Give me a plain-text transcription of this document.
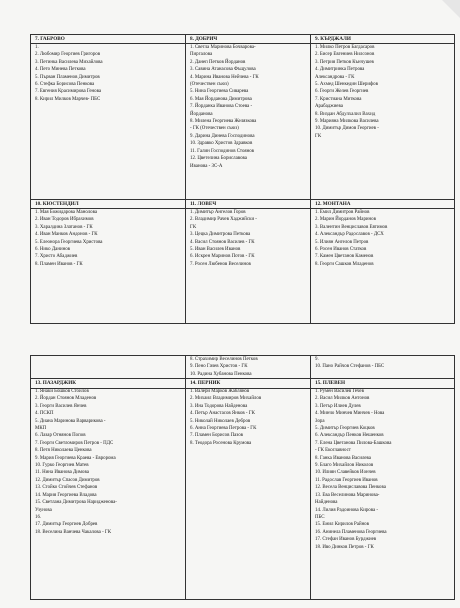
7. ГАБРОВО
1.
2. Любомир Георгиев Григоров
3. Петинка Василева Михайлова
4. Пето Минева Петкова
5. Първан Пламенов Димитров
6. Стефка Борисова Пенкова
7. Евгения Красимирова Генова
8. Кирил Милков Марчев- ПБС
8. ДОБРИЧ
1. Светла Маринова Бочварова-
Пиргалова
2. Данеп Петков Йорданов
3. Савина Атанасова Фъщулова
4. Марина Иванова Нейчева - ГК
(Отечествен съюз)
5. Нина Георгиева Сиварева
6. Мая Йорданова Димитрова
7. Йорданка Иванова Стоева -
Йорданова
8. Милена Георгиева Желязкова
- ГК (Отечествен съюз)
9. Дарина Динева Господинова
10. Здравко Христов Здравков
11. Галин Господинов Стоянов
12. Цветелина Бориславова
Иванова - ЗС-А
9. КЪРДЖАЛИ
1. Милко Петров Багдасаров
2. Бисер Евгениев Нилсонов
3. Петрия Петков Кънчушев
4. Димитринка Петрова
Александрова - ГК
5. Ахмед Шенкедин Шерифов
6. Георги Желев Георгиев
7. Кристиана Миткова
Арабаджиева
8. Виздан Абдулхалил Вахид
9. Марияна Милкова Василева
10. Димитър Димов Георгиев -
ГК
10. КЮСТЕНДИЛ
1. Мая Божидарова Манолова
2. Иван Тодоров Ибрахимов
3. Харалдина Златанов - ГК
4. Иван Манков Андонов - ГК
5. Елеонора Георгиева Христова
6. Нико Данинов
7. Христо Абаджиев
8. Пламен Иванов - ГК
11. ЛОВЕЧ
1. Димитър Ангелов Горов
2. Владимир Рачев Хаджийски -
ГК
3. Цецка Димитрова Петкова
4. Васил Стоянов Василев - ГК
5. Иван Василев Иванов
6. Искрен Маринов Потов - ГК
7. Росен Любенов Веселинов
12. МОНТАНА
1. Емил Димитров Райнов
2. Марин Йорданов Маринов
3. Валентин Венциславов Евтимов
4. Александър Радославов - ДСХ
5. Илиян Ангелов Петров
6. Росен Иванов Статков
7. Камен Цветанов Каменов
8. Георги Сашков Младенов
8. Страхимир Веселинов Петков
9. Пено Гачев Христов - ГК
10. Радина Хубанова Пенкова
9.
10. Пано Райчов Стефанов - ПБС
13. ПАЗАРДЖИК
1. Янаки Бошков Стоилов
2. Йордан Стоянов Младенов
3. Георги Василев Янчев
4. ПСКП
5. Диана Маринова Варварикова -
МКП
6. Лазар Огнянов Попов
7. Георги Светломиров Петров - ПДС
8. Петя Николаева Ценкова
9. Мария Георгиева Краева - Евророма
10. Гурко Георгиев Матев
11. Нина Иванова Димова
12. Димитър Спасов Димитров
13. Стойко Стойчев Стефанов
14. Мария Георгиева Владова
15. Светлана Димитрова Наридженова-
Узунова
16.
17. Димитър Георгиев Добрев
18. Веселина Ванчева Чакалова - ГК
14. ПЕРНИК
1. Валери Марков Жаблянов
2. Михаил Владимиров Михайлов
3. Ина Тодорова Найденова
4. Петър Анастасов Янков - ГК
5. Николай Николаев Дебров
6. Анна Георгиева Петрова - ГК
7. Пламен Борисов Пазов
8. Теодора Росенова Крумова
15. ПЛЕВЕН
1. Румен Василев Гечев
2. Васил Милков Антонов
3. Петър Илиев Дулев
4. Минчо Минчев Минчев - Нова
Зора
5. Димитър Георгиев Коцков
6. Александър Пенков Нешенков
7. Елена Цветанова Пилова-Башкова
- ГК Екоглавност
8. Ганка Иванова Василева
9. Благо Михайлов Николов
10. Илиян Славейков Иончев
11. Радослав Георгиев Иванов
12. Весела Венциславова Пенкова
13. Ева Веселинова Маринова-
Найденова
14. Лилия Радоинова Кирова -
ПБС
15. Емил Кирилов Райнов
16. Анинела Пламенова Георгиева
17. Стефан Иванов Бурджиев
18. Иво Динков Петров - ГК
